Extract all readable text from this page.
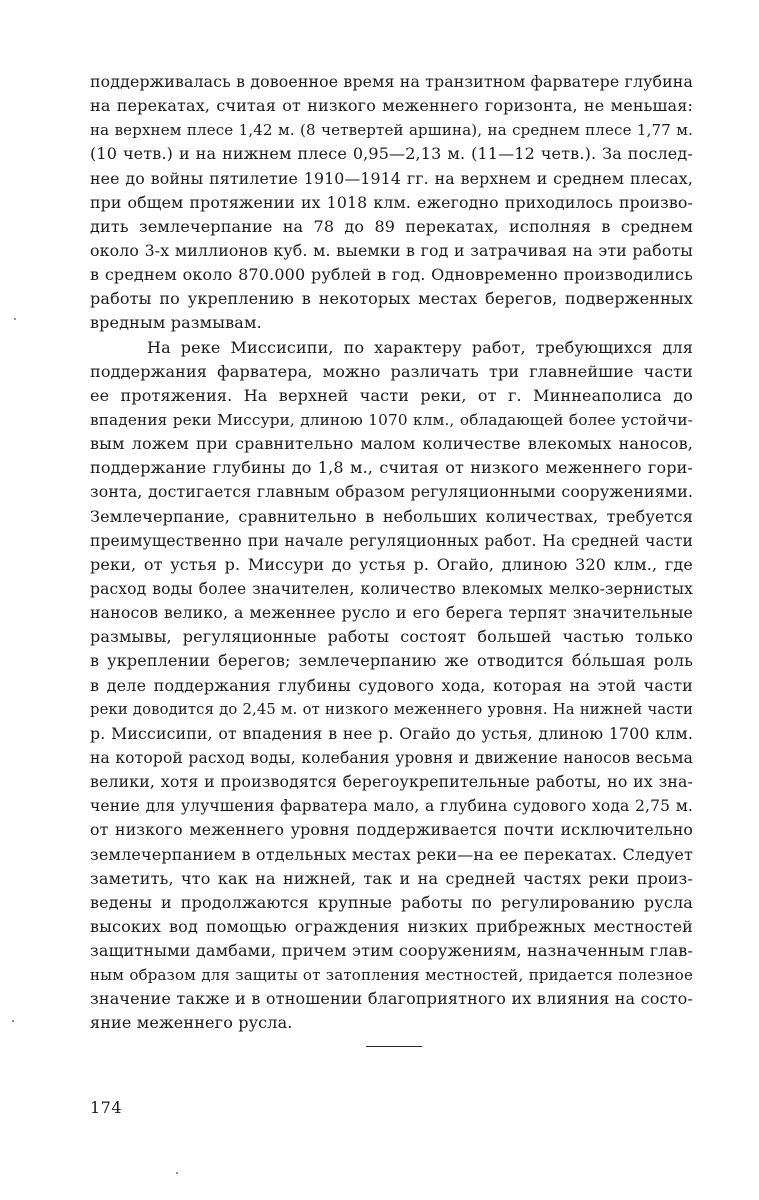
поддерживалась в довоенное время на транзитном фарватере глубина
на перекатах, считая от низкого меженнего горизонта, не меньшая:
на верхнем плесе 1,42 м. (8 четвертей аршина), на среднем плесе 1,77 м.
(10 четв.) и на нижнем плесе 0,95—2,13 м. (11—12 четв.). За послед-
нее до войны пятилетие 1910—1914 гг. на верхнем и среднем плесах,
при общем протяжении их 1018 клм. ежегодно приходилось произво-
дить землечерпание на 78 до 89 перекатах, исполняя в среднем
около 3-х миллионов куб. м. выемки в год и затрачивая на эти работы
в среднем около 870.000 рублей в год. Одновременно производились
работы по укреплению в некоторых местах берегов, подверженных
вредным размывам.
На реке Миссисипи, по характеру работ, требующихся для
поддержания фарватера, можно различать три главнейшие части
ее протяжения. На верхней части реки, от г. Миннеаполиса до
впадения реки Миссури, длиною 1070 клм., обладающей более устойчи-
вым ложем при сравнительно малом количестве влекомых наносов,
поддержание глубины до 1,8 м., считая от низкого меженнего гори-
зонта, достигается главным образом регуляционными сооружениями.
Землечерпание, сравнительно в небольших количествах, требуется
преимущественно при начале регуляционных работ. На средней части
реки, от устья р. Миссури до устья р. Огайо, длиною 320 клм., где
расход воды более значителен, количество влекомых мелко-зернистых
наносов велико, а меженнее русло и его берега терпят значительные
размывы, регуляционные работы состоят большей частью только
в укреплении берегов; землечерпанию же отводится бо́льшая роль
в деле поддержания глубины судового хода, которая на этой части
реки доводится до 2,45 м. от низкого меженнего уровня. На нижней части
р. Миссисипи, от впадения в нее р. Огайо до устья, длиною 1700 клм.
на которой расход воды, колебания уровня и движение наносов весьма
велики, хотя и производятся берегоукрепительные работы, но их зна-
чение для улучшения фарватера мало, а глубина судового хода 2,75 м.
от низкого меженнего уровня поддерживается почти исключительно
землечерпанием в отдельных местах реки—на ее перекатах. Следует
заметить, что как на нижней, так и на средней частях реки произ-
ведены и продолжаются крупные работы по регулированию русла
высоких вод помощью ограждения низких прибрежных местностей
защитными дамбами, причем этим сооружениям, назначенным глав-
ным образом для защиты от затопления местностей, придается полезное
значение также и в отношении благоприятного их влияния на состо-
яние меженнего русла.
174
